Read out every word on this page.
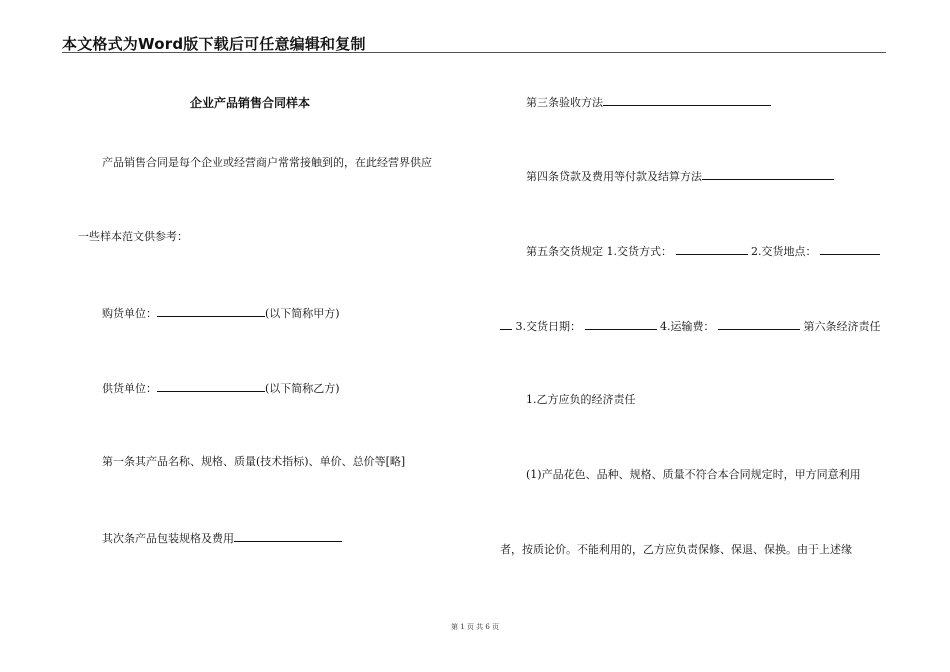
本文格式为Word版下载后可任意编辑和复制
企业产品销售合同样本
产品销售合同是每个企业或经营商户常常接触到的，在此经营界供应
一些样本范文供参考：
购货单位：	(以下简称甲方)
供货单位：	(以下简称乙方)
第一条其产品名称、规格、质量(技术指标)、单价、总价等[略]
其次条产品包装规格及费用
第三条验收方法
第四条贷款及费用等付款及结算方法
第五条交货规定 1.交货方式：	2.交货地点：
3.交货日期：	4.运输费：	第六条经济责任
1.乙方应负的经济责任
(1)产品花色、品种、规格、质量不符合本合同规定时，甲方同意利用
者，按质论价。不能利用的，乙方应负责保修、保退、保换。由于上述缘
第 1 页 共 6 页
